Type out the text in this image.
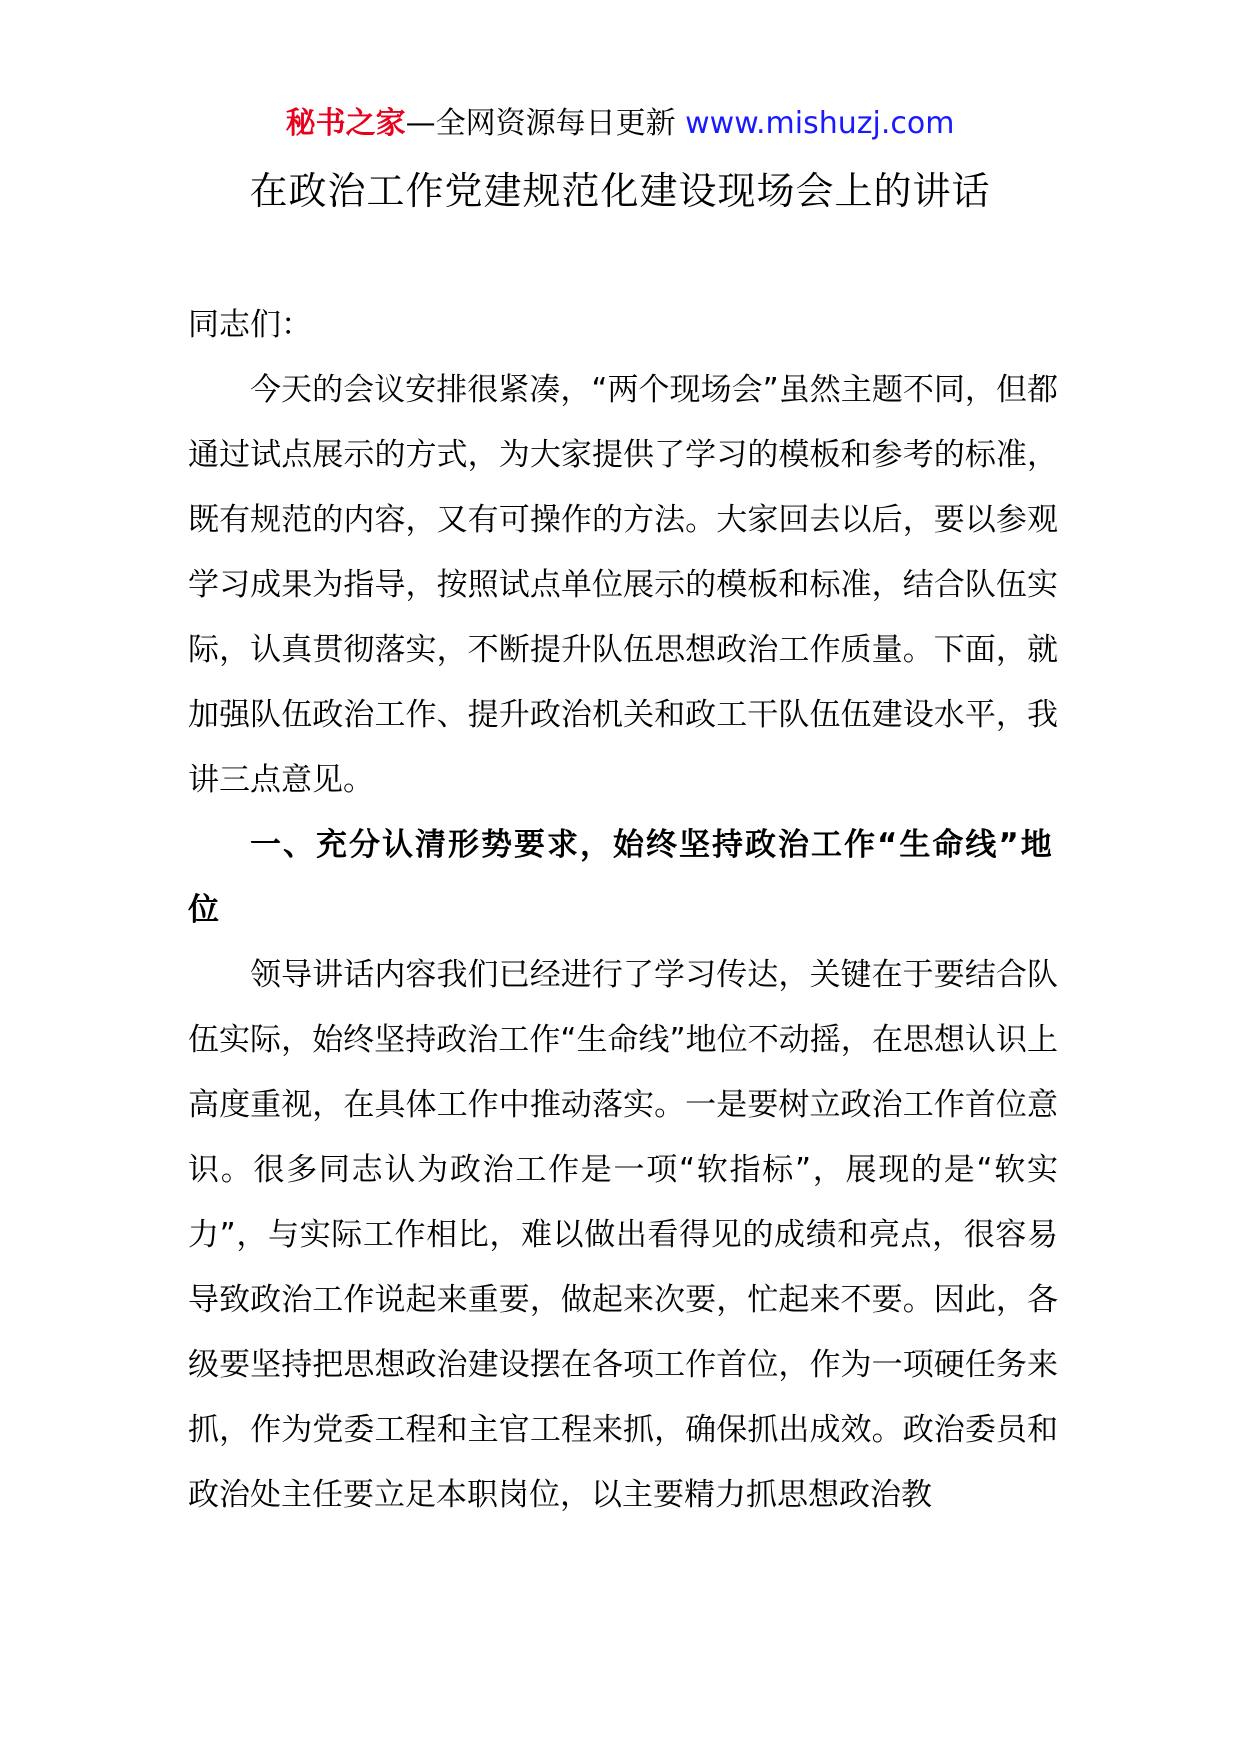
秘书之家—全网资源每日更新 www.mishuzj.com
在政治工作党建规范化建设现场会上的讲话

同志们：

今天的会议安排很紧凑，“两个现场会”虽然主题不同，但都通过试点展示的方式，为大家提供了学习的模板和参考的标准，既有规范的内容，又有可操作的方法。大家回去以后，要以参观学习成果为指导，按照试点单位展示的模板和标准，结合队伍实际，认真贯彻落实，不断提升队伍思想政治工作质量。下面，就加强队伍政治工作、提升政治机关和政工干队伍伍建设水平，我讲三点意见。

一、充分认清形势要求，始终坚持政治工作“生命线”地位

领导讲话内容我们已经进行了学习传达，关键在于要结合队伍实际，始终坚持政治工作“生命线”地位不动摇，在思想认识上高度重视，在具体工作中推动落实。一是要树立政治工作首位意识。很多同志认为政治工作是一项“软指标”，展现的是“软实力”，与实际工作相比，难以做出看得见的成绩和亮点，很容易导致政治工作说起来重要，做起来次要，忙起来不要。因此，各级要坚持把思想政治建设摆在各项工作首位，作为一项硬任务来抓，作为党委工程和主官工程来抓，确保抓出成效。政治委员和政治处主任要立足本职岗位，以主要精力抓思想政治教
